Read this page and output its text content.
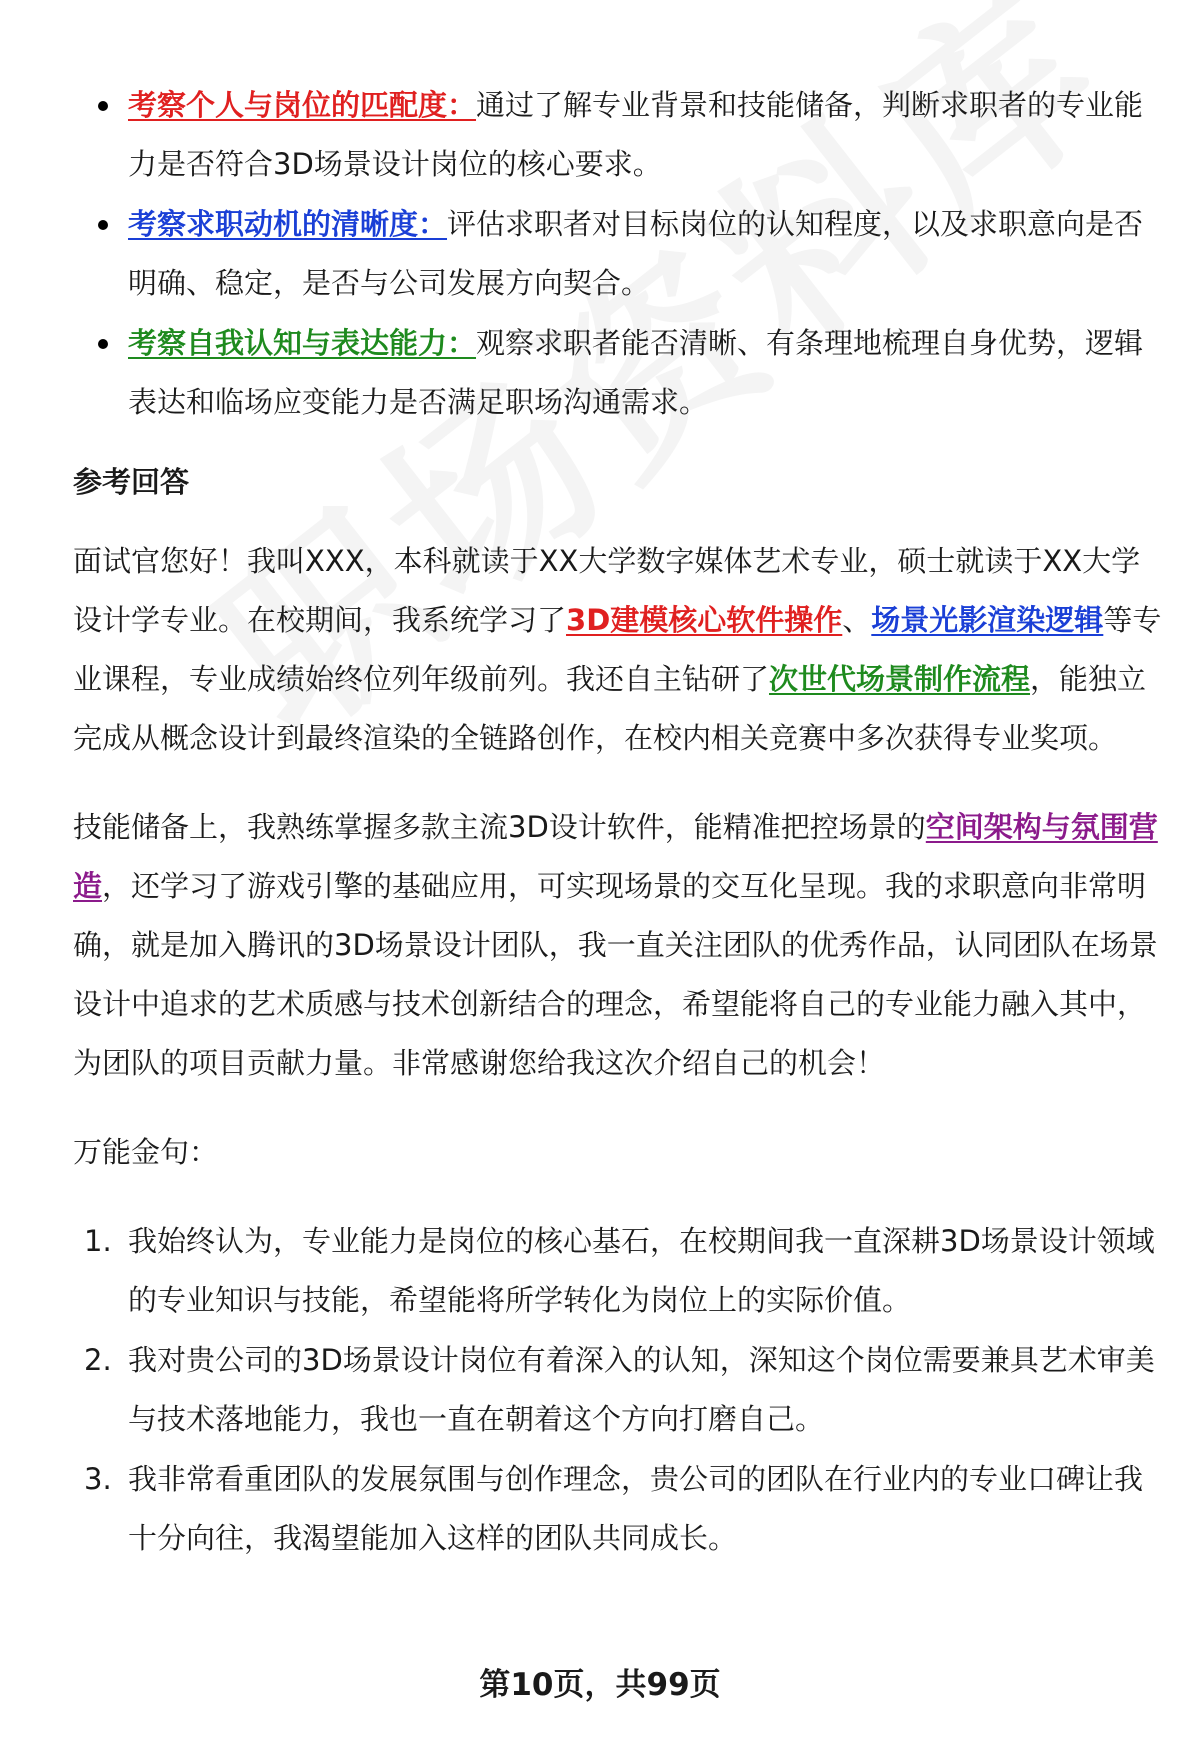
考察个人与岗位的匹配度：通过了解专业背景和技能储备，判断求职者的专业能力是否符合3D场景设计岗位的核心要求。
考察求职动机的清晰度：评估求职者对目标岗位的认知程度，以及求职意向是否明确、稳定，是否与公司发展方向契合。
考察自我认知与表达能力：观察求职者能否清晰、有条理地梳理自身优势，逻辑表达和临场应变能力是否满足职场沟通需求。
参考回答

面试官您好！我叫XXX，本科就读于XX大学数字媒体艺术专业，硕士就读于XX大学设计学专业。在校期间，我系统学习了3D建模核心软件操作、场景光影渲染逻辑等专业课程，专业成绩始终位列年级前列。我还自主钻研了次世代场景制作流程，能独立完成从概念设计到最终渲染的全链路创作，在校内相关竞赛中多次获得专业奖项。

技能储备上，我熟练掌握多款主流3D设计软件，能精准把控场景的空间架构与氛围营造，还学习了游戏引擎的基础应用，可实现场景的交互化呈现。我的求职意向非常明确，就是加入腾讯的3D场景设计团队，我一直关注团队的优秀作品，认同团队在场景设计中追求的艺术质感与技术创新结合的理念，希望能将自己的专业能力融入其中，为团队的项目贡献力量。非常感谢您给我这次介绍自己的机会！

万能金句：

1. 我始终认为，专业能力是岗位的核心基石，在校期间我一直深耕3D场景设计领域的专业知识与技能，希望能将所学转化为岗位上的实际价值。
2. 我对贵公司的3D场景设计岗位有着深入的认知，深知这个岗位需要兼具艺术审美与技术落地能力，我也一直在朝着这个方向打磨自己。
3. 我非常看重团队的发展氛围与创作理念，贵公司的团队在行业内的专业口碑让我十分向往，我渴望能加入这样的团队共同成长。
第10页，共99页
